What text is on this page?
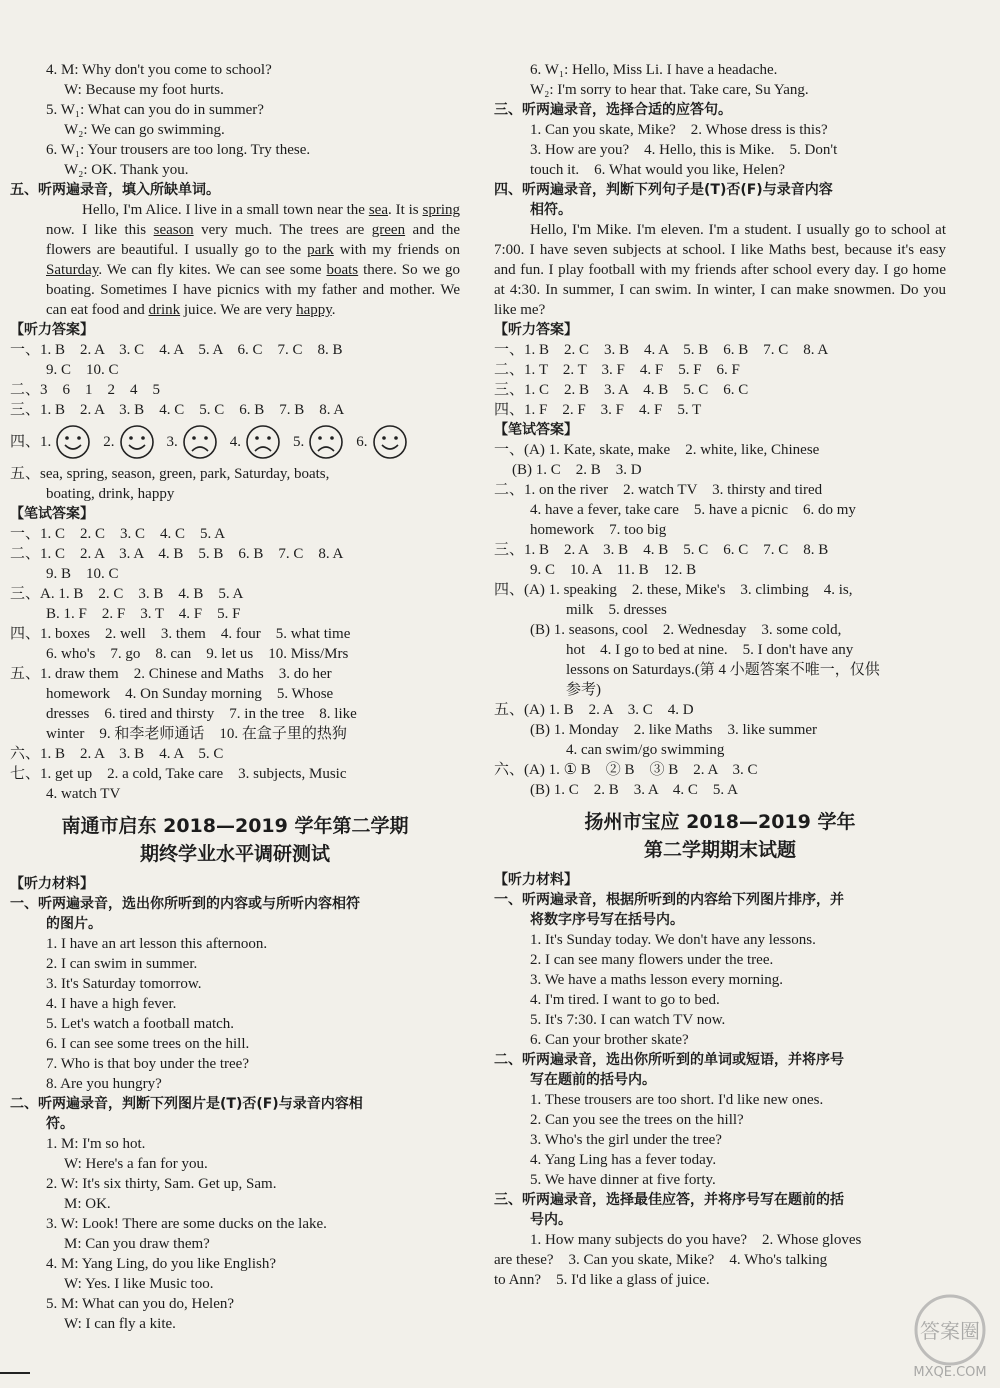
4. M: Why don't you come to school?
W: Because my foot hurts.
5. W₁: What can you do in summer?
W₂: We can go swimming.
6. W₁: Your trousers are too long. Try these.
W₂: OK. Thank you.
五、听两遍录音，填入所缺单词。
Hello, I'm Alice. I live in a small town near the sea. It is spring now. I like this season very much. The trees are green and the flowers are beautiful. I usually go to the park with my friends on Saturday. We can fly kites. We can see some boats there. So we go boating. Sometimes I have picnics with my father and mother. We can eat food and drink juice. We are very happy.
【听力答案】
一、1. B　2. A　3. C　4. A　5. A　6. C　7. C　8. B
9. C　10. C
二、3　6　1　2　4　5
三、1. B　2. A　3. B　4. C　5. C　6. B　7. B　8. A
四、 1.	2.	3.	4.	5.	6.
五、sea, spring, season, green, park, Saturday, boats,
boating, drink, happy
【笔试答案】
一、1. C　2. C　3. C　4. C　5. A
二、1. C　2. A　3. A　4. B　5. B　6. B　7. C　8. A
9. B　10. C
三、A. 1. B　2. C　3. B　4. B　5. A
B. 1. F　2. F　3. T　4. F　5. F
四、1. boxes　2. well　3. them　4. four　5. what time
6. who's　7. go　8. can　9. let us　10. Miss/Mrs
五、1. draw them　2. Chinese and Maths　3. do her
homework　4. On Sunday morning　5. Whose
dresses　6. tired and thirsty　7. in the tree　8. like
winter　9. 和李老师通话　10. 在盒子里的热狗
六、1. B　2. A　3. B　4. A　5. C
七、1. get up　2. a cold, Take care　3. subjects, Music
4. watch TV
南通市启东 2018—2019 学年第二学期
期终学业水平调研测试
【听力材料】
一、听两遍录音，选出你所听到的内容或与所听内容相符
的图片。
1. I have an art lesson this afternoon.
2. I can swim in summer.
3. It's Saturday tomorrow.
4. I have a high fever.
5. Let's watch a football match.
6. I can see some trees on the hill.
7. Who is that boy under the tree?
8. Are you hungry?
二、听两遍录音，判断下列图片是(T)否(F)与录音内容相
符。
1. M: I'm so hot.
W: Here's a fan for you.
2. W: It's six thirty, Sam. Get up, Sam.
M: OK.
3. W: Look! There are some ducks on the lake.
M: Can you draw them?
4. M: Yang Ling, do you like English?
W: Yes. I like Music too.
5. M: What can you do, Helen?
W: I can fly a kite.
6. W₁: Hello, Miss Li. I have a headache.
W₂: I'm sorry to hear that. Take care, Su Yang.
三、听两遍录音，选择合适的应答句。
1. Can you skate, Mike?　2. Whose dress is this?
3. How are you?　4. Hello, this is Mike.　5. Don't
touch it.　6. What would you like, Helen?
四、听两遍录音，判断下列句子是(T)否(F)与录音内容
相符。
Hello, I'm Mike. I'm eleven. I'm a student. I usually go to school at 7:00. I have seven subjects at school. I like Maths best, because it's easy and fun. I play football with my friends after school every day. I go home at 4:30. In summer, I can swim. In winter, I can make snowmen. Do you like me?
【听力答案】
一、1. B　2. C　3. B　4. A　5. B　6. B　7. C　8. A
二、1. T　2. T　3. F　4. F　5. F　6. F
三、1. C　2. B　3. A　4. B　5. C　6. C
四、1. F　2. F　3. F　4. F　5. T
【笔试答案】
一、(A) 1. Kate, skate, make　2. white, like, Chinese
(B) 1. C　2. B　3. D
二、1. on the river　2. watch TV　3. thirsty and tired
4. have a fever, take care　5. have a picnic　6. do my
homework　7. too big
三、1. B　2. A　3. B　4. B　5. C　6. C　7. C　8. B
9. C　10. A　11. B　12. B
四、(A) 1. speaking　2. these, Mike's　3. climbing　4. is,
milk　5. dresses
(B) 1. seasons, cool　2. Wednesday　3. some cold,
hot　4. I go to bed at nine.　5. I don't have any
lessons on Saturdays.(第 4 小题答案不唯一，仅供
参考)
五、(A) 1. B　2. A　3. C　4. D
(B) 1. Monday　2. like Maths　3. like summer
4. can swim/go swimming
六、(A) 1. ① B　② B　③ B　2. A　3. C
(B) 1. C　2. B　3. A　4. C　5. A
扬州市宝应 2018—2019 学年
第二学期期末试题
【听力材料】
一、听两遍录音，根据所听到的内容给下列图片排序，并
将数字序号写在括号内。
1. It's Sunday today. We don't have any lessons.
2. I can see many flowers under the tree.
3. We have a maths lesson every morning.
4. I'm tired. I want to go to bed.
5. It's 7:30. I can watch TV now.
6. Can your brother skate?
二、听两遍录音，选出你所听到的单词或短语，并将序号
写在题前的括号内。
1. These trousers are too short. I'd like new ones.
2. Can you see the trees on the hill?
3. Who's the girl under the tree?
4. Yang Ling has a fever today.
5. We have dinner at five forty.
三、听两遍录音，选择最佳应答，并将序号写在题前的括
号内。
1. How many subjects do you have?　2. Whose gloves
are these?　3. Can you skate, Mike?　4. Who's talking
to Ann?　5. I'd like a glass of juice.
答案圈
MXQE.COM
